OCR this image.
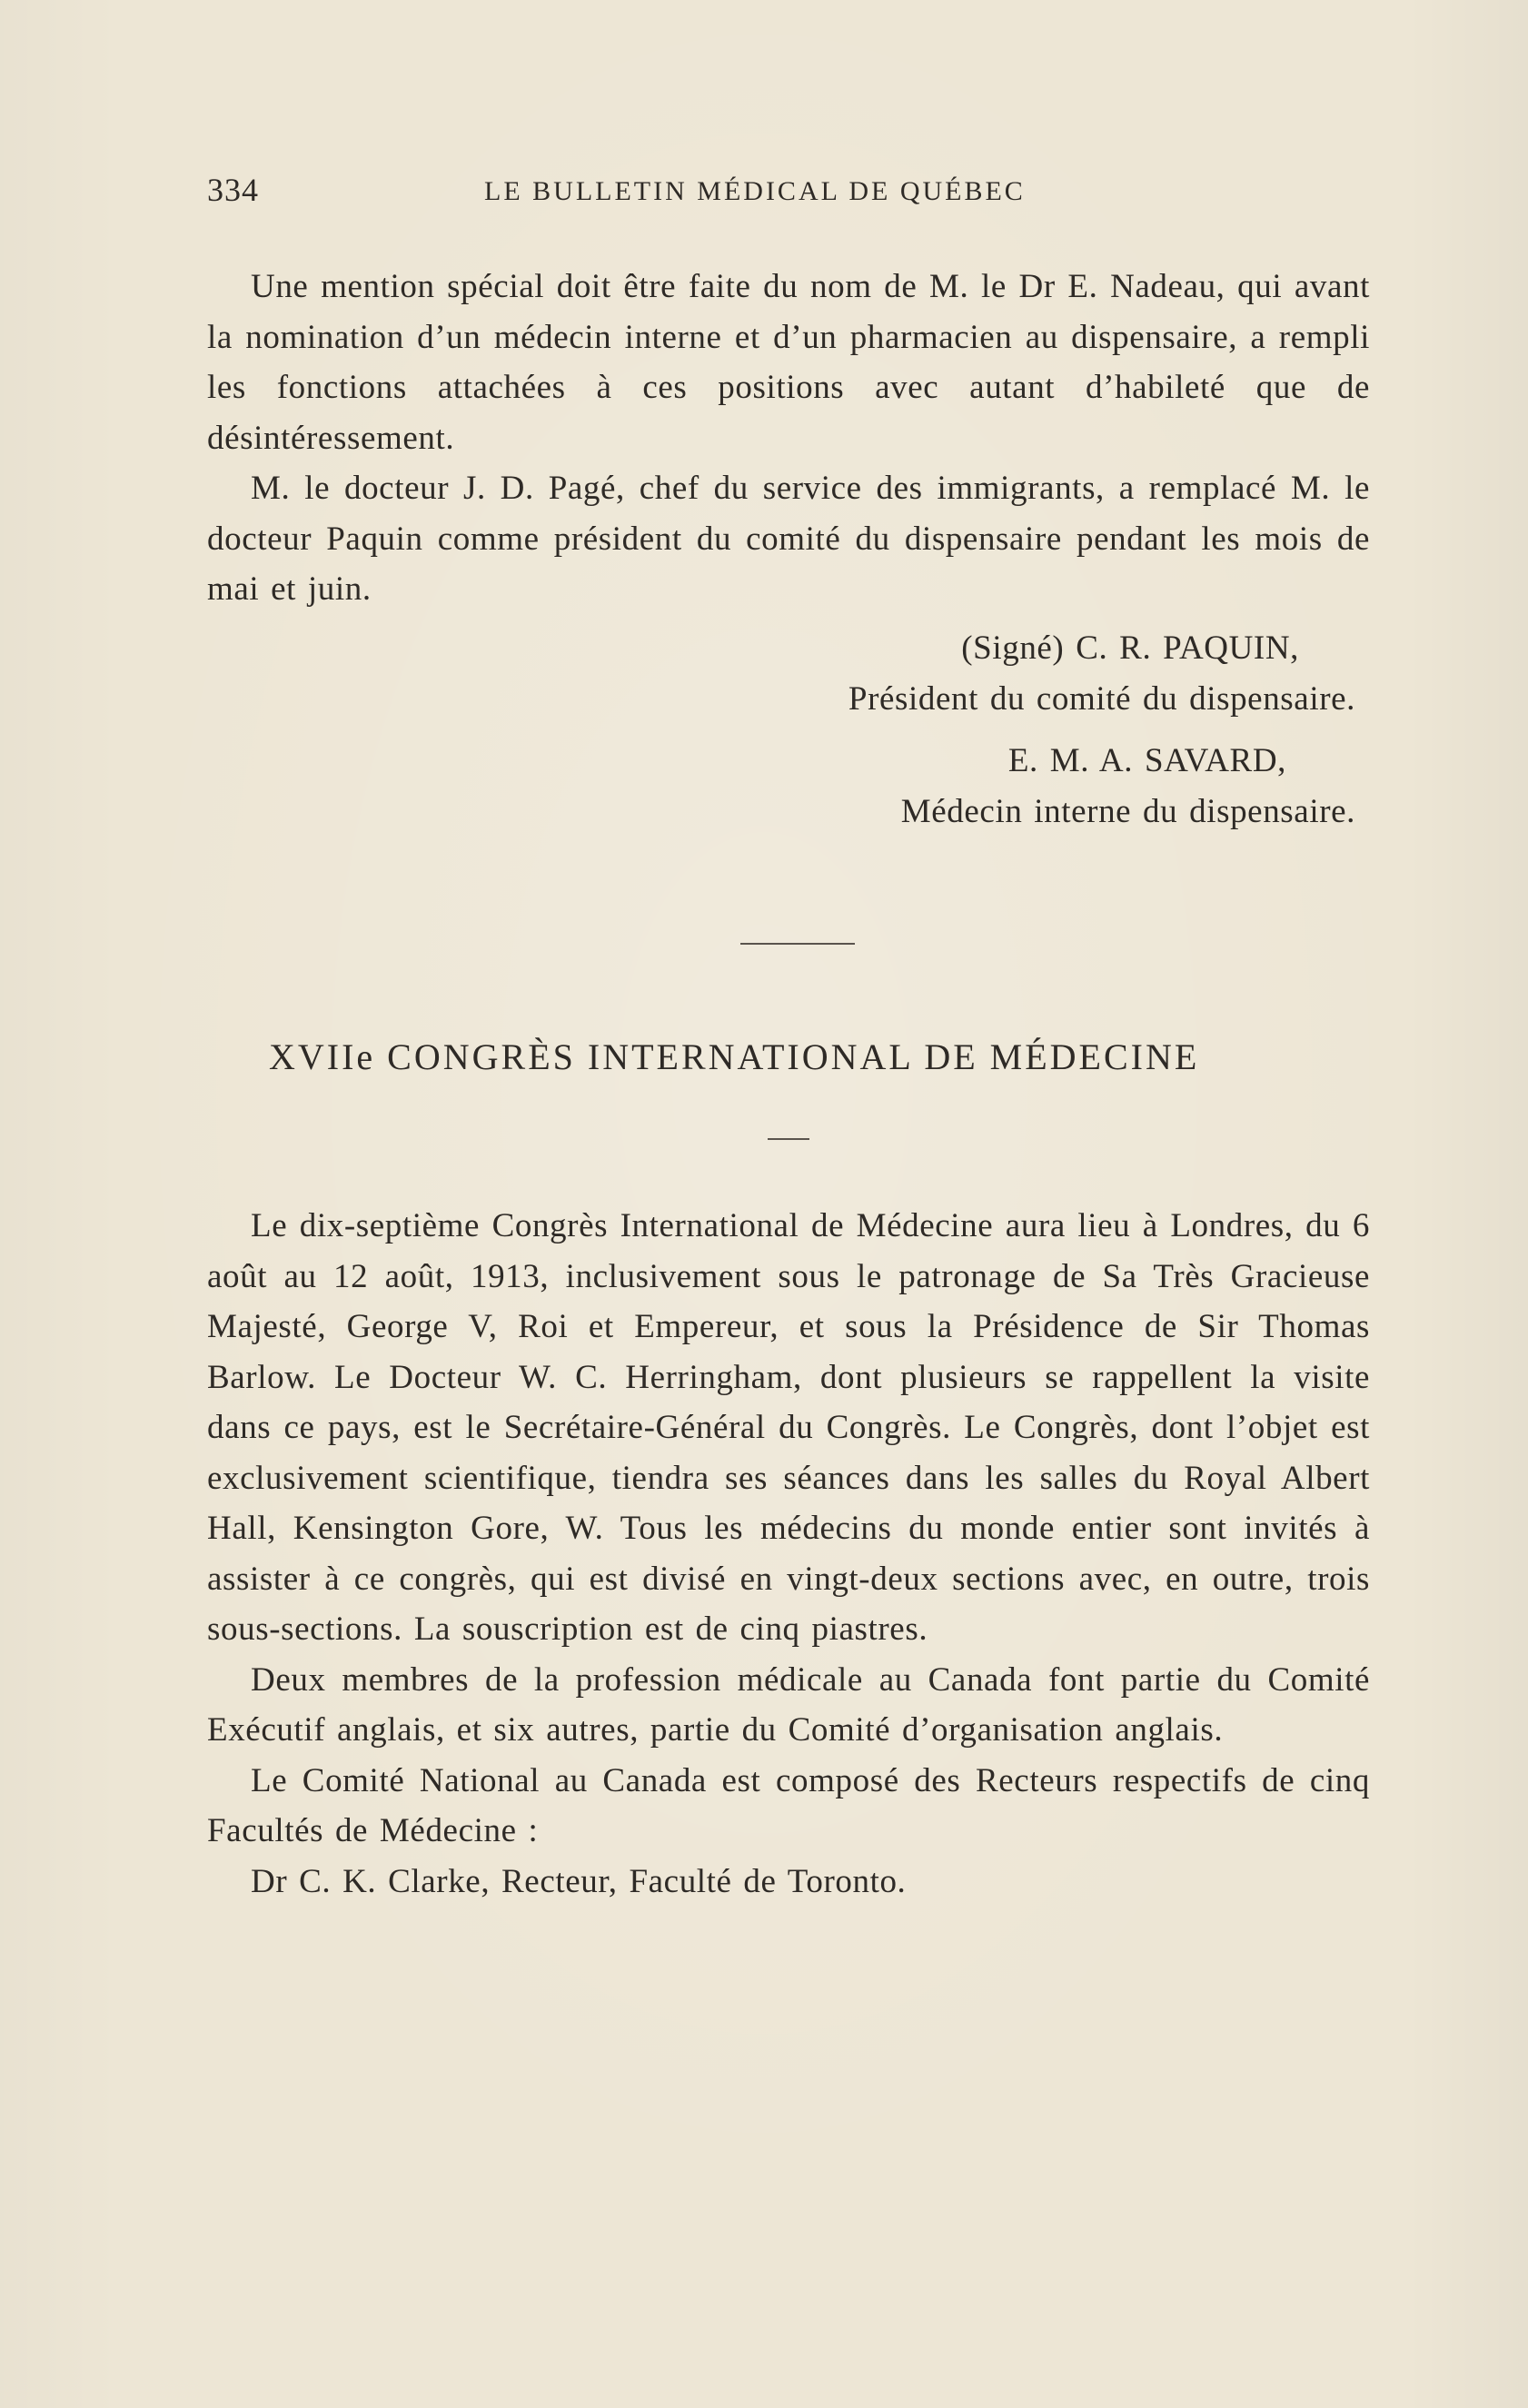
334	LE BULLETIN MÉDICAL DE QUÉBEC

Une mention spécial doit être faite du nom de M. le Dr E. Nadeau, qui avant la nomination d’un médecin interne et d’un pharmacien au dispensaire, a rempli les fonctions attachées à ces positions avec autant d’habileté que de désintéressement.

M. le docteur J. D. Pagé, chef du service des immigrants, a remplacé M. le docteur Paquin comme président du comité du dispensaire pendant les mois de mai et juin.

(Signé) C. R. PAQUIN,
Président du comité du dispensaire.
E. M. A. SAVARD,
Médecin interne du dispensaire.
XVIIe CONGRÈS INTERNATIONAL DE MÉDECINE

Le dix-septième Congrès International de Médecine aura lieu à Londres, du 6 août au 12 août, 1913, inclusivement sous le patronage de Sa Très Gracieuse Majesté, George V, Roi et Empereur, et sous la Présidence de Sir Thomas Barlow. Le Docteur W. C. Herringham, dont plusieurs se rappellent la visite dans ce pays, est le Secrétaire-Général du Congrès. Le Congrès, dont l’objet est exclusivement scientifique, tiendra ses séances dans les salles du Royal Albert Hall, Kensington Gore, W. Tous les médecins du monde entier sont invités à assister à ce congrès, qui est divisé en vingt-deux sections avec, en outre, trois sous-sections. La souscription est de cinq piastres.

Deux membres de la profession médicale au Canada font partie du Comité Exécutif anglais, et six autres, partie du Comité d’organisation anglais.

Le Comité National au Canada est composé des Recteurs respectifs de cinq Facultés de Médecine :

Dr C. K. Clarke, Recteur, Faculté de Toronto.
